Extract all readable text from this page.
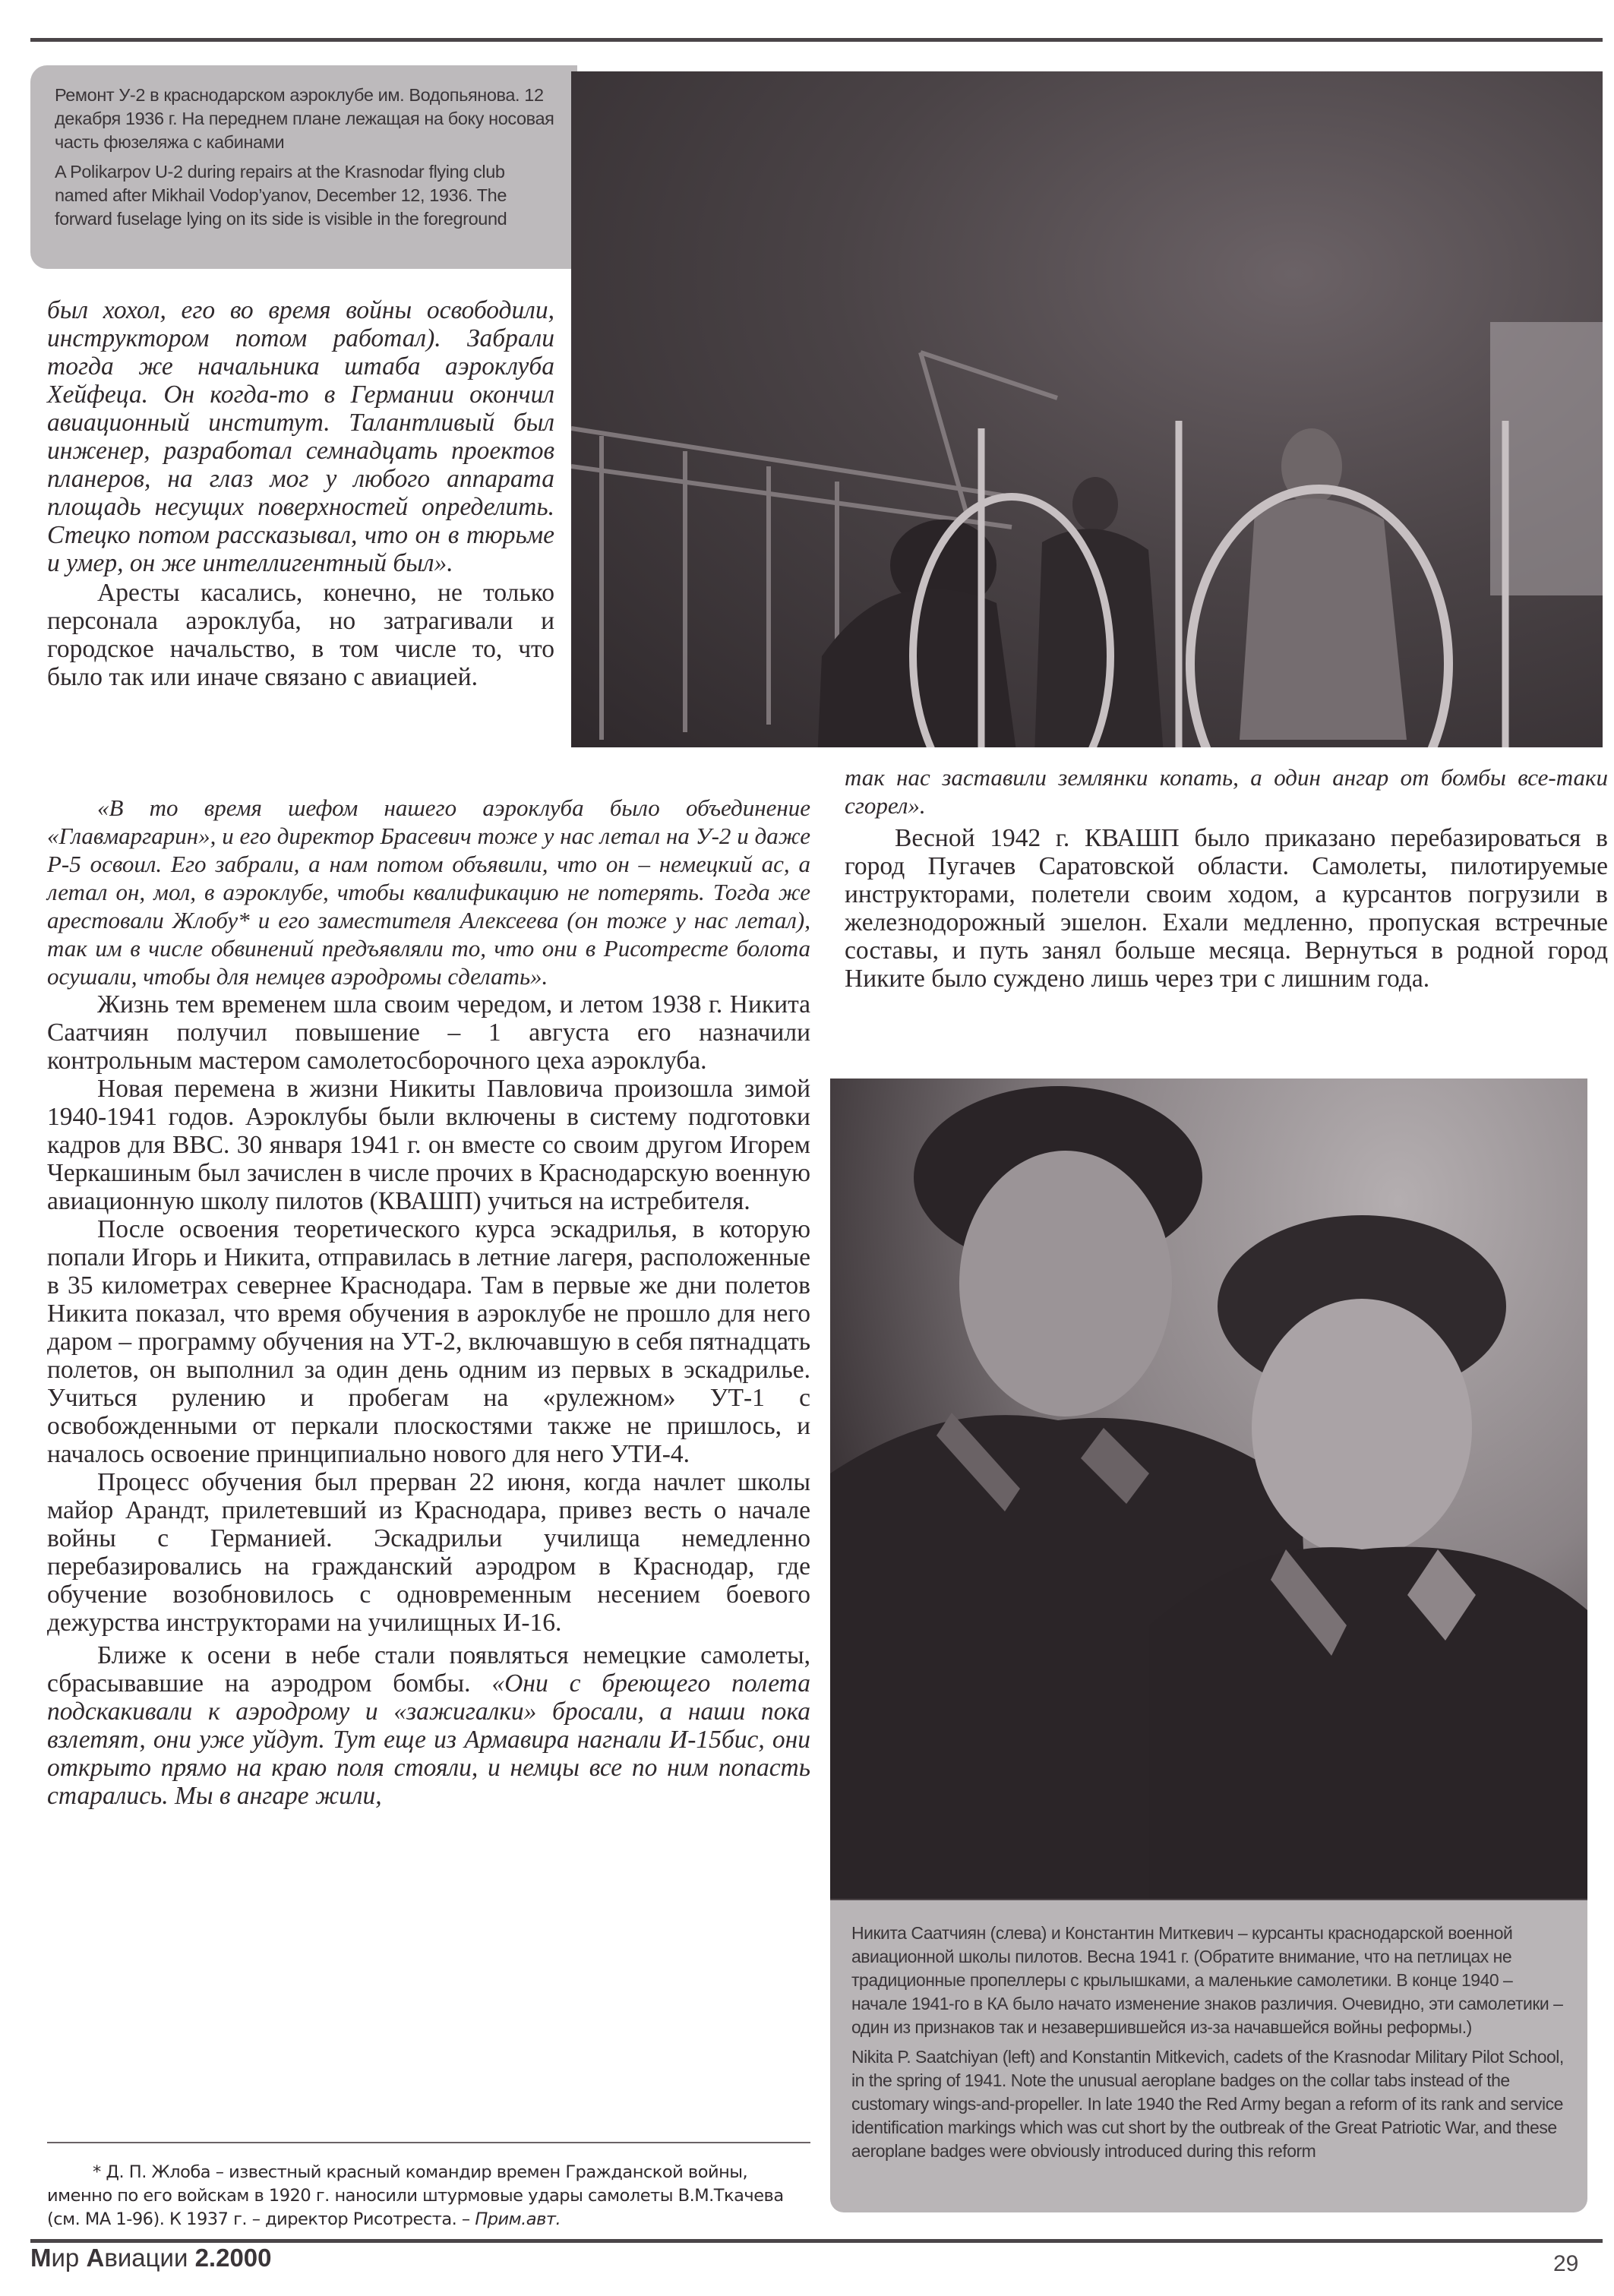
Ремонт У-2 в краснодарском аэроклубе им. Водопьянова. 12 декабря 1936 г. На переднем плане лежащая на боку носовая часть фюзеляжа с кабинами

A Polikarpov U-2 during repairs at the Krasnodar flying club named after Mikhail Vodop’yanov, December 12, 1936. The forward fuselage lying on its side is visible in the foreground

был хохол, его во время войны освободили, инструктором потом работал). Забрали тогда же начальника штаба аэроклуба Хейфеца. Он когда-то в Германии окончил авиационный институт. Талантливый был инженер, разработал семнадцать проектов планеров, на глаз мог у любого аппарата площадь несущих поверхностей определить. Стецко потом рассказывал, что он в тюрьме и умер, он же интеллигентный был».

Аресты касались, конечно, не только персонала аэроклуба, но затрагивали и городское начальство, в том числе то, что было так или иначе связано с авиацией.

«В то время шефом нашего аэроклуба было объединение «Главмаргарин», и его директор Брасевич тоже у нас летал на У-2 и даже Р-5 освоил. Его забрали, а нам потом объявили, что он – немецкий ас, а летал он, мол, в аэроклубе, чтобы квалификацию не потерять. Тогда же арестовали Жлобу* и его заместителя Алексеева (он тоже у нас летал), так им в числе обвинений предъявляли то, что они в Рисотресте болота осушали, чтобы для немцев аэродромы сделать».

Жизнь тем временем шла своим чередом, и летом 1938 г. Никита Саатчиян получил повышение – 1 августа его назначили контрольным мастером самолетосборочного цеха аэроклуба.

Новая перемена в жизни Никиты Павловича произошла зимой 1940-1941 годов. Аэроклубы были включены в систему подготовки кадров для ВВС. 30 января 1941 г. он вместе со своим другом Игорем Черкашиным был зачислен в числе прочих в Краснодарскую военную авиационную школу пилотов (КВАШП) учиться на истребителя.

После освоения теоретического курса эскадрилья, в которую попали Игорь и Никита, отправилась в летние лагеря, расположенные в 35 километрах севернее Краснодара. Там в первые же дни полетов Никита показал, что время обучения в аэроклубе не прошло для него даром – программу обучения на УТ-2, включавшую в себя пятнадцать полетов, он выполнил за один день одним из первых в эскадрилье. Учиться рулению и пробегам на «рулежном» УТ-1 с освобожденными от перкали плоскостями также не пришлось, и началось освоение принципиально нового для него УТИ-4.

Процесс обучения был прерван 22 июня, когда начлет школы майор Арандт, прилетевший из Краснодара, привез весть о начале войны с Германией. Эскадрильи училища немедленно перебазировались на гражданский аэродром в Краснодар, где обучение возобновилось с одновременным несением боевого дежурства инструкторами на училищных И-16.

Ближе к осени в небе стали появляться немецкие самолеты, сбрасывавшие на аэродром бомбы. «Они с бреющего полета подскакивали к аэродрому и «зажигалки» бросали, а наши пока взлетят, они уже уйдут. Тут еще из Армавира нагнали И-15бис, они открыто прямо на краю поля стояли, и немцы все по ним попасть старались. Мы в ангаре жили,

так нас заставили землянки копать, а один ангар от бомбы все-таки сгорел».

Весной 1942 г. КВАШП было приказано перебазироваться в город Пугачев Саратовской области. Самолеты, пилотируемые инструкторами, полетели своим ходом, а курсантов погрузили в железнодорожный эшелон. Ехали медленно, пропуская встречные составы, и путь занял больше месяца. Вернуться в родной город Никите было суждено лишь через три с лишним года.

Никита Саатчиян (слева) и Константин Миткевич – курсанты краснодарской военной авиационной школы пилотов. Весна 1941 г. (Обратите внимание, что на петлицах не традиционные пропеллеры с крылышками, а маленькие самолетики. В конце 1940 – начале 1941-го в КА было начато изменение знаков различия. Очевидно, эти самолетики – один из признаков так и незавершившейся из-за начавшейся войны реформы.)

Nikita P. Saatchiyan (left) and Konstantin Mitkevich, cadets of the Krasnodar Military Pilot School, in the spring of 1941. Note the unusual aeroplane badges on the collar tabs instead of the customary wings-and-propeller. In late 1940 the Red Army began a reform of its rank and service identification markings which was cut short by the outbreak of the Great Patriotic War, and these aeroplane badges were obviously introduced during this reform

* Д. П. Жлоба – известный красный командир времен Гражданской войны, именно по его войскам в 1920 г. наносили штурмовые удары самолеты В.М.Ткачева (см. МА 1-96). К 1937 г. – директор Рисотреста. – Прим.авт.

Мир Авиации 2.2000	29
